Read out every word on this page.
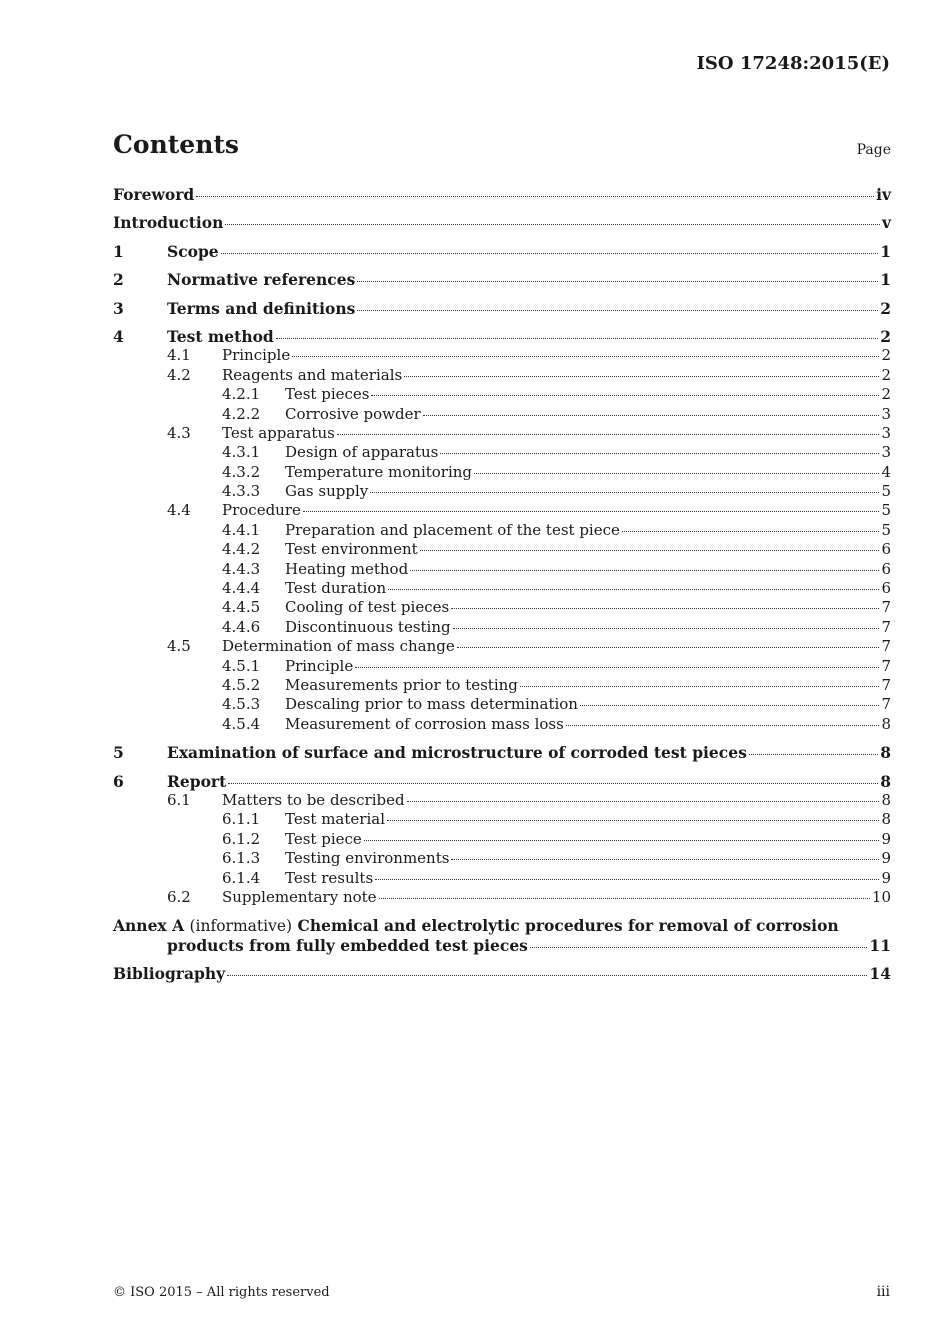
ISO 17248:2015(E)
Contents	Page
Foreword	iv
Introduction	v
1	Scope	1
2	Normative references	1
3	Terms and definitions	2
4	Test method	2
4.1	Principle	2
4.2	Reagents and materials	2
4.2.1	Test pieces	2
4.2.2	Corrosive powder	3
4.3	Test apparatus	3
4.3.1	Design of apparatus	3
4.3.2	Temperature monitoring	4
4.3.3	Gas supply	5
4.4	Procedure	5
4.4.1	Preparation and placement of the test piece	5
4.4.2	Test environment	6
4.4.3	Heating method	6
4.4.4	Test duration	6
4.4.5	Cooling of test pieces	7
4.4.6	Discontinuous testing	7
4.5	Determination of mass change	7
4.5.1	Principle	7
4.5.2	Measurements prior to testing	7
4.5.3	Descaling prior to mass determination	7
4.5.4	Measurement of corrosion mass loss	8
5	Examination of surface and microstructure of corroded test pieces	8
6	Report	8
6.1	Matters to be described	8
6.1.1	Test material	8
6.1.2	Test piece	9
6.1.3	Testing environments	9
6.1.4	Test results	9
6.2	Supplementary note	10
Annex A (informative) Chemical and electrolytic procedures for removal of corrosion
products from fully embedded test pieces	11
Bibliography	14
© ISO 2015 – All rights reserved	iii
